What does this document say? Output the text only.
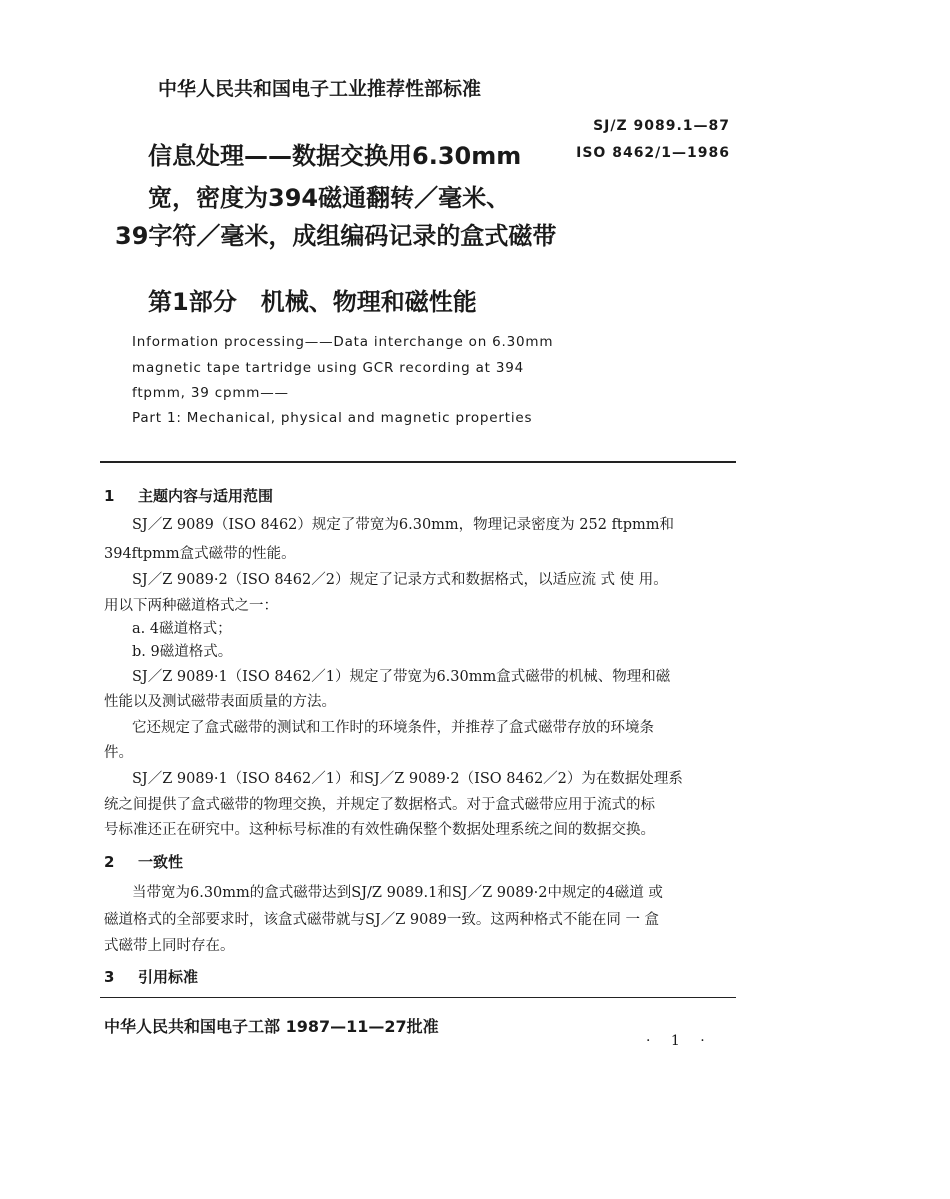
中华人民共和国电子工业推荐性部标准
SJ/Z 9089.1—87
ISO 8462/1—1986
信息处理——数据交换用6.30mm
宽，密度为394磁通翻转／毫米、
39字符／毫米，成组编码记录的盒式磁带
第1部分　机械、物理和磁性能
Information processing——Data interchange on 6.30mm
magnetic tape tartridge using GCR recording at 394
ftpmm, 39 cpmm——
Part 1: Mechanical, physical and magnetic properties
1 主题内容与适用范围
SJ／Z 9089（ISO 8462）规定了带宽为6.30mm，物理记录密度为 252 ftpmm和
394ftpmm盒式磁带的性能。
SJ／Z 9089·2（ISO 8462／2）规定了记录方式和数据格式，以适应流 式 使 用。
用以下两种磁道格式之一：
a. 4磁道格式；
b. 9磁道格式。
SJ／Z 9089·1（ISO 8462／1）规定了带宽为6.30mm盒式磁带的机械、物理和磁
性能以及测试磁带表面质量的方法。
它还规定了盒式磁带的测试和工作时的环境条件，并推荐了盒式磁带存放的环境条
件。
SJ／Z 9089·1（ISO 8462／1）和SJ／Z 9089·2（ISO 8462／2）为在数据处理系
统之间提供了盒式磁带的物理交换，并规定了数据格式。对于盒式磁带应用于流式的标
号标准还正在研究中。这种标号标准的有效性确保整个数据处理系统之间的数据交换。
2 一致性
当带宽为6.30mm的盒式磁带达到SJ/Z 9089.1和SJ／Z 9089·2中规定的4磁道 或
磁道格式的全部要求时，该盒式磁带就与SJ／Z 9089一致。这两种格式不能在同 一 盒
式磁带上同时存在。
3 引用标准
中华人民共和国电子工部 1987—11—27批准
· 1 ·
